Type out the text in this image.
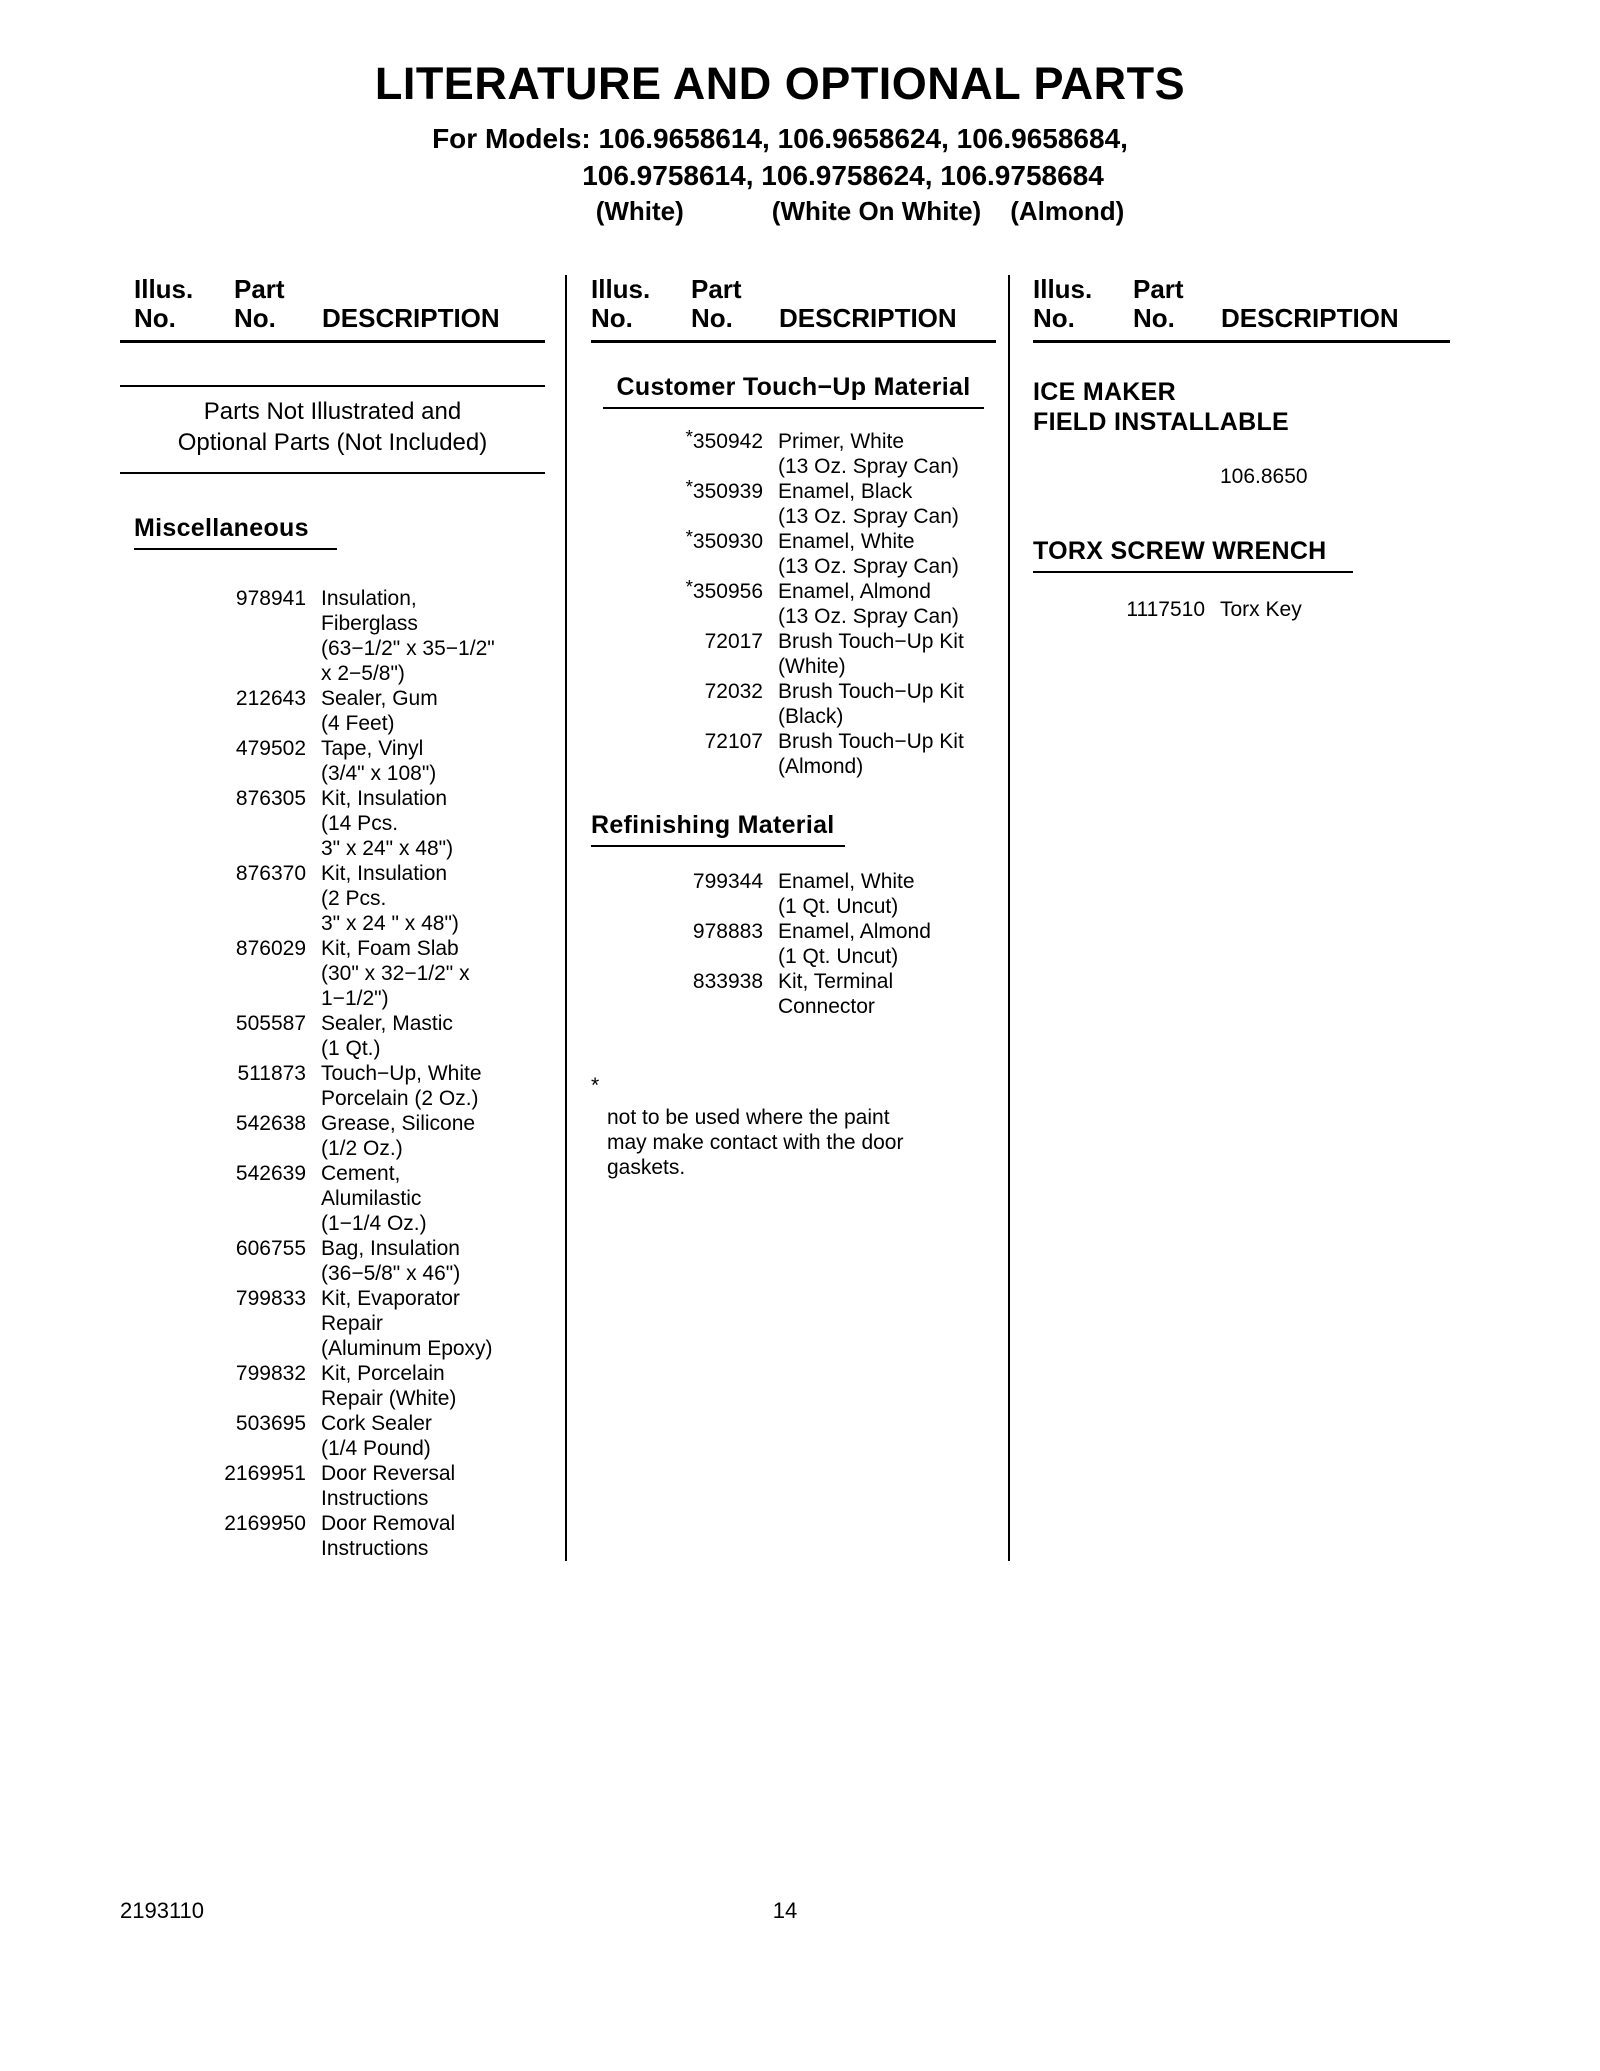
LITERATURE AND OPTIONAL PARTS
For Models: 106.9658614, 106.9658624, 106.9658684,
106.9758614, 106.9758624, 106.9758684
(White)	(White On White) (Almond)
Illus.	Part
No.	No.	DESCRIPTION
Parts Not Illustrated and
Optional Parts (Not Included)
Miscellaneous
978941 Insulation,
Fiberglass
(63−1/2" x 35−1/2"
x 2−5/8")
212643 Sealer, Gum
(4 Feet)
479502 Tape, Vinyl
(3/4" x 108")
876305 Kit, Insulation
(14 Pcs.
3" x 24" x 48")
876370 Kit, Insulation
(2 Pcs.
3" x 24 " x 48")
876029 Kit, Foam Slab
(30" x 32−1/2" x
1−1/2")
505587 Sealer, Mastic
(1 Qt.)
511873 Touch−Up, White
Porcelain (2 Oz.)
542638 Grease, Silicone
(1/2 Oz.)
542639 Cement,
Alumilastic
(1−1/4 Oz.)
606755 Bag, Insulation
(36−5/8" x 46")
799833 Kit, Evaporator
Repair
(Aluminum Epoxy)
799832 Kit, Porcelain
Repair (White)
503695 Cork Sealer
(1/4 Pound)
2169951 Door Reversal
Instructions
2169950 Door Removal
Instructions
Illus.	Part
No.	No.	DESCRIPTION
Customer Touch−Up Material
*350942 Primer, White
(13 Oz. Spray Can)
*350939 Enamel, Black
(13 Oz. Spray Can)
*350930 Enamel, White
(13 Oz. Spray Can)
*350956 Enamel, Almond
(13 Oz. Spray Can)
72017 Brush Touch−Up Kit
(White)
72032 Brush Touch−Up Kit
(Black)
72107 Brush Touch−Up Kit
(Almond)
Refinishing Material
799344 Enamel, White
(1 Qt. Uncut)
978883 Enamel, Almond
(1 Qt. Uncut)
833938 Kit, Terminal
Connector
*
not to be used where the paint
may make contact with the door
gaskets.
Illus.	Part
No.	No.	DESCRIPTION
ICE MAKER
FIELD INSTALLABLE
106.8650
TORX SCREW WRENCH
1117510 Torx Key
2193110	14
